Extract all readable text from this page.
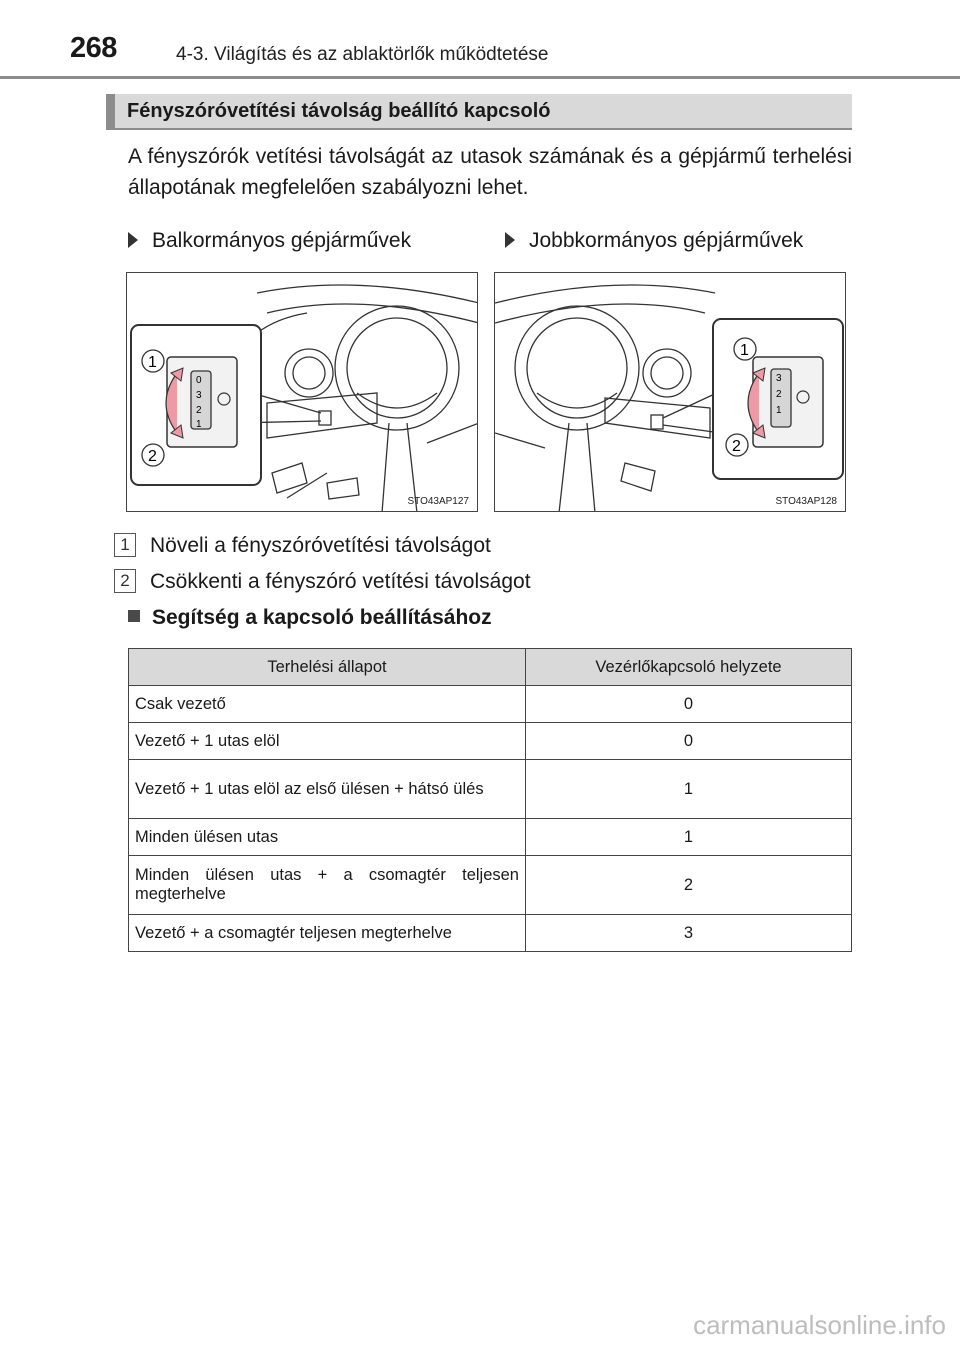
268	4-3. Világítás és az ablaktörlők működtetése
Fényszóróvetítési távolság beállító kapcsoló
A fényszórók vetítési távolságát az utasok számának és a gépjármű terhelési állapotának megfelelően szabályozni lehet.
Balkormányos gépjárművek	Jobbkormányos gépjárművek
0
3
2
1
1
2
STO43AP127
3
2
1
1
2
STO43AP128
1 Növeli a fényszóróvetítési távolságot
2 Csökkenti a fényszóró vetítési távolságot
Segítség a kapcsoló beállításához
Terhelési állapot	Vezérlőkapcsoló helyzete
Csak vezető	0
Vezető + 1 utas elöl	0
Vezető + 1 utas elöl az első ülésen + hátsó ülés	1
Minden ülésen utas	1
Minden ülésen utas + a csomagtér teljesen megterhelve	2
Vezető + a csomagtér teljesen megterhelve	3
carmanualsonline.info
